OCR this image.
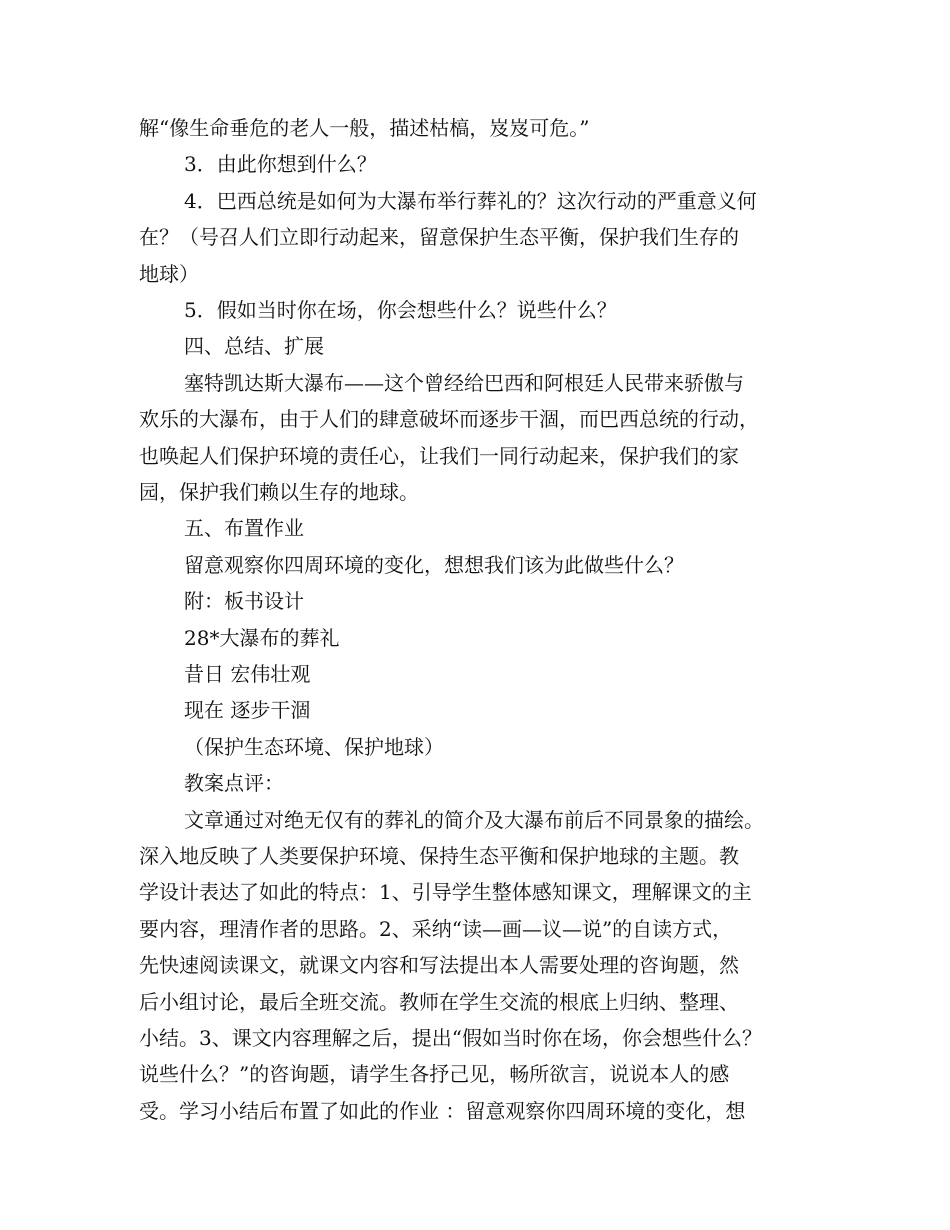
解“像生命垂危的老人一般，描述枯槁，岌岌可危。”
3．由此你想到什么？
4．巴西总统是如何为大瀑布举行葬礼的？这次行动的严重意义何
在？（号召人们立即行动起来，留意保护生态平衡，保护我们生存的
地球）
5．假如当时你在场，你会想些什么？说些什么？
四、总结、扩展
塞特凯达斯大瀑布——这个曾经给巴西和阿根廷人民带来骄傲与
欢乐的大瀑布，由于人们的肆意破坏而逐步干涸，而巴西总统的行动，
也唤起人们保护环境的责任心，让我们一同行动起来，保护我们的家
园，保护我们赖以生存的地球。
五、布置作业
留意观察你四周环境的变化，想想我们该为此做些什么？
附：板书设计
28*大瀑布的葬礼
昔日 宏伟壮观
现在 逐步干涸
（保护生态环境、保护地球）
教案点评：
文章通过对绝无仅有的葬礼的简介及大瀑布前后不同景象的描绘。
深入地反映了人类要保护环境、保持生态平衡和保护地球的主题。教
学设计表达了如此的特点：1、引导学生整体感知课文，理解课文的主
要内容，理清作者的思路。2、采纳“读—画—议—说”的自读方式，
先快速阅读课文，就课文内容和写法提出本人需要处理的咨询题，然
后小组讨论，最后全班交流。教师在学生交流的根底上归纳、整理、
小结。3、课文内容理解之后，提出“假如当时你在场，你会想些什么？
说些什么？”的咨询题，请学生各抒己见，畅所欲言，说说本人的感
受。学习小结后布置了如此的作业 ：留意观察你四周环境的变化，想
